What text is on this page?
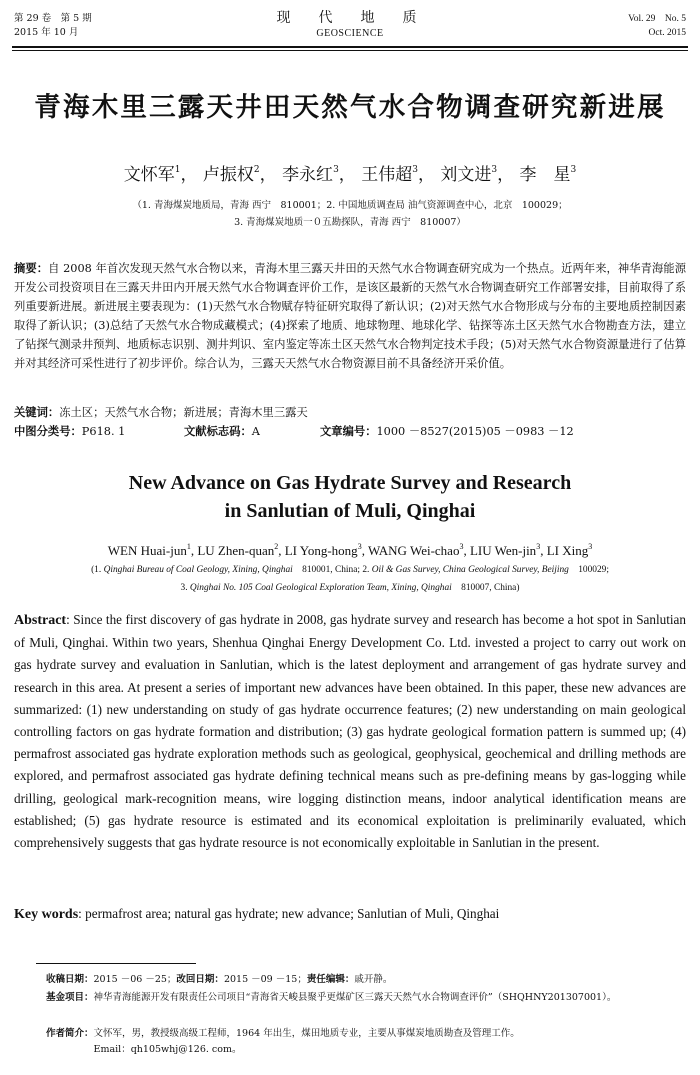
第 29 卷　第 5 期
2015 年 10 月
现　代　地　质
GEOSCIENCE
Vol. 29　No. 5
Oct. 2015
青海木里三露天井田天然气水合物调查研究新进展
文怀军$^1$， 卢振权$^2$， 李永红$^3$， 王伟超$^3$， 刘文进$^3$， 李　星$^3$
（1. 青海煤炭地质局，青海 西宁　810001；2. 中国地质调查局 油气资源调查中心，北京　100029；
3. 青海煤炭地质一０五勘探队，青海 西宁　810007）
摘要：自 2008 年首次发现天然气水合物以来，青海木里三露天井田的天然气水合物调查研究成为一个热点。近两年来，神华青海能源开发公司投资项目在三露天井田内开展天然气水合物调查评价工作，是该区最新的天然气水合物调查研究工作部署安排，目前取得了系列重要新进展。新进展主要表现为：(1)天然气水合物赋存特征研究取得了新认识；(2)对天然气水合物形成与分布的主要地质控制因素取得了新认识；(3)总结了天然气水合物成藏模式；(4)探索了地质、地球物理、地球化学、钻探等冻土区天然气水合物勘查方法，建立了钻探气测录井预判、地质标志识别、测井判识、室内鉴定等冻土区天然气水合物判定技术手段；(5)对天然气水合物资源量进行了估算并对其经济可采性进行了初步评价。综合认为，三露天天然气水合物资源目前不具备经济开采价值。
关键词：冻土区；天然气水合物；新进展；青海木里三露天
中图分类号：P618. 1	文献标志码：A	文章编号：1000 －8527(2015)05 －0983 －12
New Advance on Gas Hydrate Survey and Research
in Sanlutian of Muli, Qinghai
WEN Huai-jun$^1$, LU Zhen-quan$^2$, LI Yong-hong$^3$, WANG Wei-chao$^3$, LIU Wen-jin$^3$, LI Xing$^3$
(1. Qinghai Bureau of Coal Geology, Xining, Qinghai　810001, China; 2. Oil & Gas Survey, China Geological Survey, Beijing　100029;
3. Qinghai No. 105 Coal Geological Exploration Team, Xining, Qinghai　810007, China)
Abstract: Since the first discovery of gas hydrate in 2008, gas hydrate survey and research has become a hot spot in Sanlutian of Muli, Qinghai. Within two years, Shenhua Qinghai Energy Development Co. Ltd. invested a project to carry out work on gas hydrate survey and evaluation in Sanlutian, which is the latest deployment and arrangement of gas hydrate survey and research in this area. At present a series of important new advances have been obtained. In this paper, these new advances are summarized: (1) new understanding on study of gas hydrate occurrence features; (2) new understanding on main geological controlling factors on gas hydrate formation and distribution; (3) gas hydrate geological formation pattern is summed up; (4) permafrost associated gas hydrate exploration methods such as geological, geophysical, geochemical and drilling methods are explored, and permafrost associated gas hydrate defining technical means such as pre-defining means by gas-logging while drilling, geological mark-recognition means, wire logging distinction means, indoor analytical identification means are established; (5) gas hydrate resource is estimated and its economical exploitation is preliminarily evaluated, which comprehensively suggests that gas hydrate resource is not economically exploitable in Sanlutian in the present.
Key words: permafrost area; natural gas hydrate; new advance; Sanlutian of Muli, Qinghai
收稿日期：2015 －06 －25；改回日期：2015 －09 －15；责任编辑：戚开静。
基金项目： 神华青海能源开发有限责任公司项目“青海省天峻县聚乎更煤矿区三露天天然气水合物调查评价”（SHQHNY201307001）。
作者简介： 文怀军，男，教授级高级工程师，1964 年出生，煤田地质专业，主要从事煤炭地质勘查及管理工作。
Email：qh105whj@126. com。
